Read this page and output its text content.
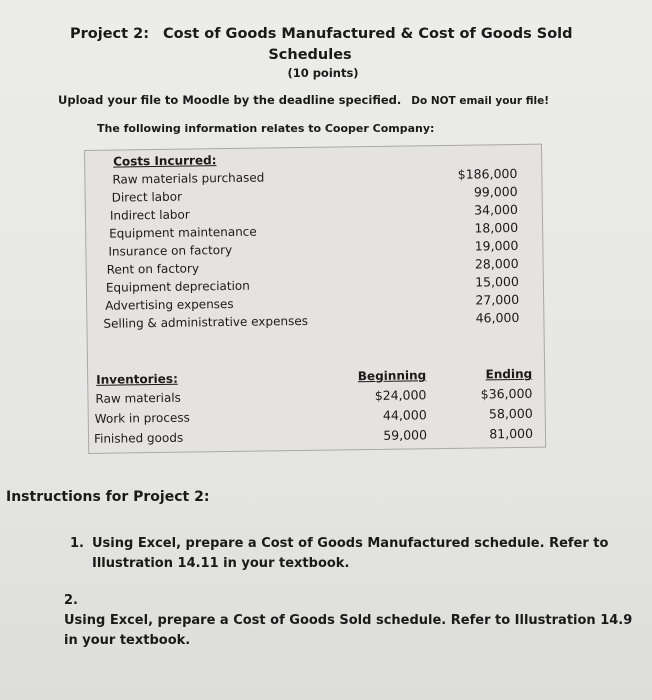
Project 2: Cost of Goods Manufactured & Cost of Goods Sold
Schedules
(10 points)
Upload your file to Moodle by the deadline specified. Do NOT email your file!
The following information relates to Cooper Company:
Costs Incurred:
Raw materials purchased
Direct labor
Indirect labor
Equipment maintenance
Insurance on factory
Rent on factory
Equipment depreciation
Advertising expenses
Selling & administrative expenses
$186,000
99,000
34,000
18,000
19,000
28,000
15,000
27,000
46,000
Inventories:
Raw materials
Work in process
Finished goods
Beginning
$24,000
44,000
59,000
Ending
$36,000
58,000
81,000
Instructions for Project 2:
1. Using Excel, prepare a Cost of Goods Manufactured schedule. Refer to
Illustration 14.11 in your textbook.
2.Using Excel, prepare a Cost of Goods Sold schedule. Refer to Illustration 14.9
in your textbook.
